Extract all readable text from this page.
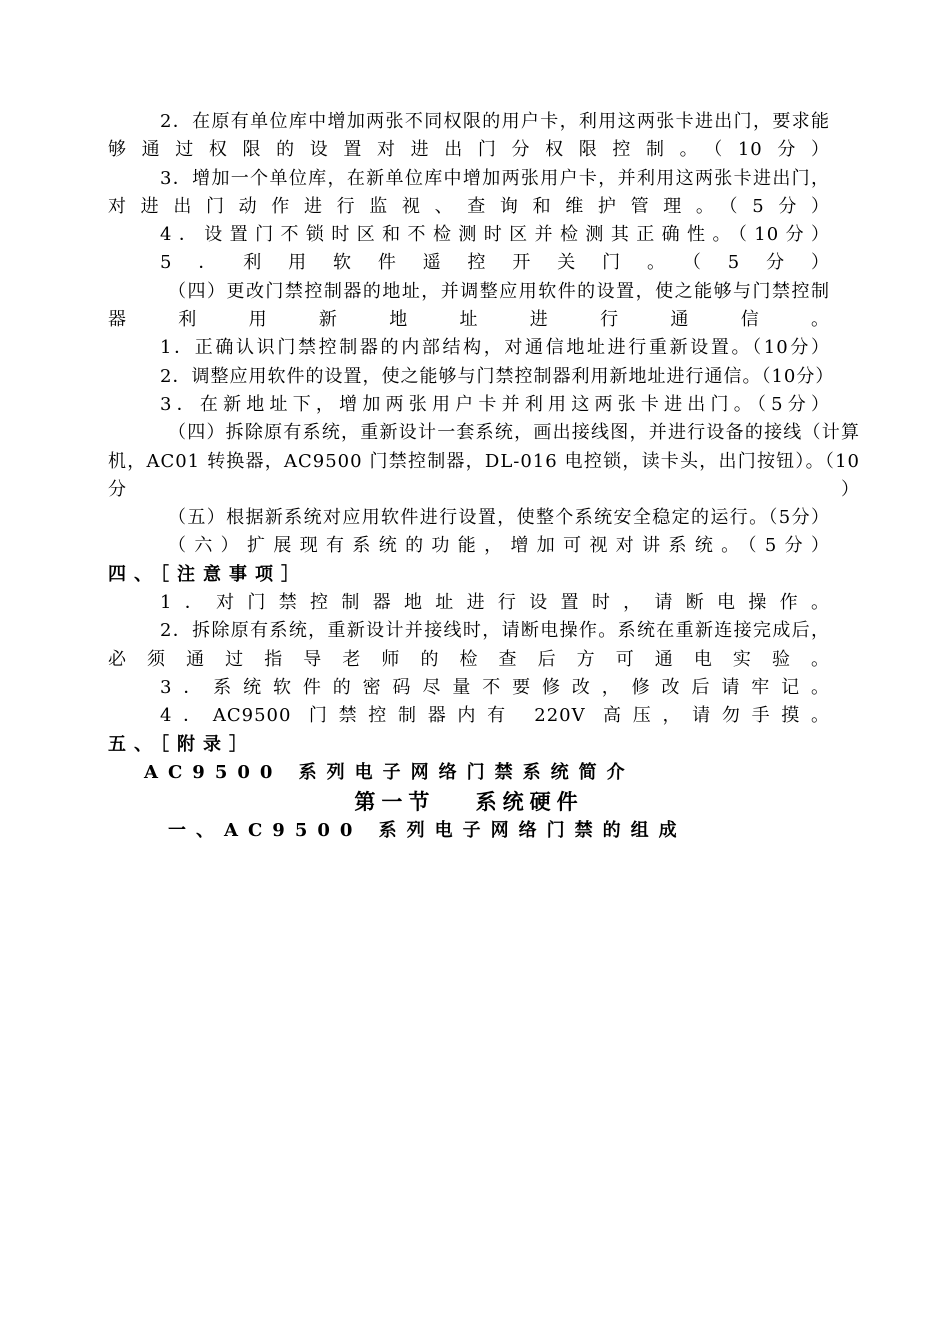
2．在原有单位库中增加两张不同权限的用户卡，利用这两张卡进出门，要求能够通过权限的设置对进出门分权限控制。（10分）

3．增加一个单位库，在新单位库中增加两张用户卡，并利用这两张卡进出门，对进出门动作进行监视、查询和维护管理。（5分）

4．设置门不锁时区和不检测时区并检测其正确性。（10分）

5．利用软件遥控开关门。（5分）

（四）更改门禁控制器的地址，并调整应用软件的设置，使之能够与门禁控制器利用新地址进行通信。

1．正确认识门禁控制器的内部结构，对通信地址进行重新设置。（10分）

2．调整应用软件的设置，使之能够与门禁控制器利用新地址进行通信。（10分）

3．在新地址下，增加两张用户卡并利用这两张卡进出门。（5分）

（四）拆除原有系统，重新设计一套系统，画出接线图，并进行设备的接线（计算机，AC01 转换器，AC9500 门禁控制器，DL-016 电控锁，读卡头，出门按钮）。（10分）

（五）根据新系统对应用软件进行设置，使整个系统安全稳定的运行。（5分）

（六）扩展现有系统的功能，增加可视对讲系统。（5分）

四、［注意事项］

1．对门禁控制器地址进行设置时，请断电操作。

2．拆除原有系统，重新设计并接线时，请断电操作。系统在重新连接完成后，必须通过指导老师的检查后方可通电实验。

3．系统软件的密码尽量不要修改，修改后请牢记。

4．AC9500 门禁控制器内有 220V 高压，请勿手摸。

五、［附录］

AC9500 系列电子网络门禁系统简介

第一节　 系统硬件

一、AC9500 系列电子网络门禁的组成
